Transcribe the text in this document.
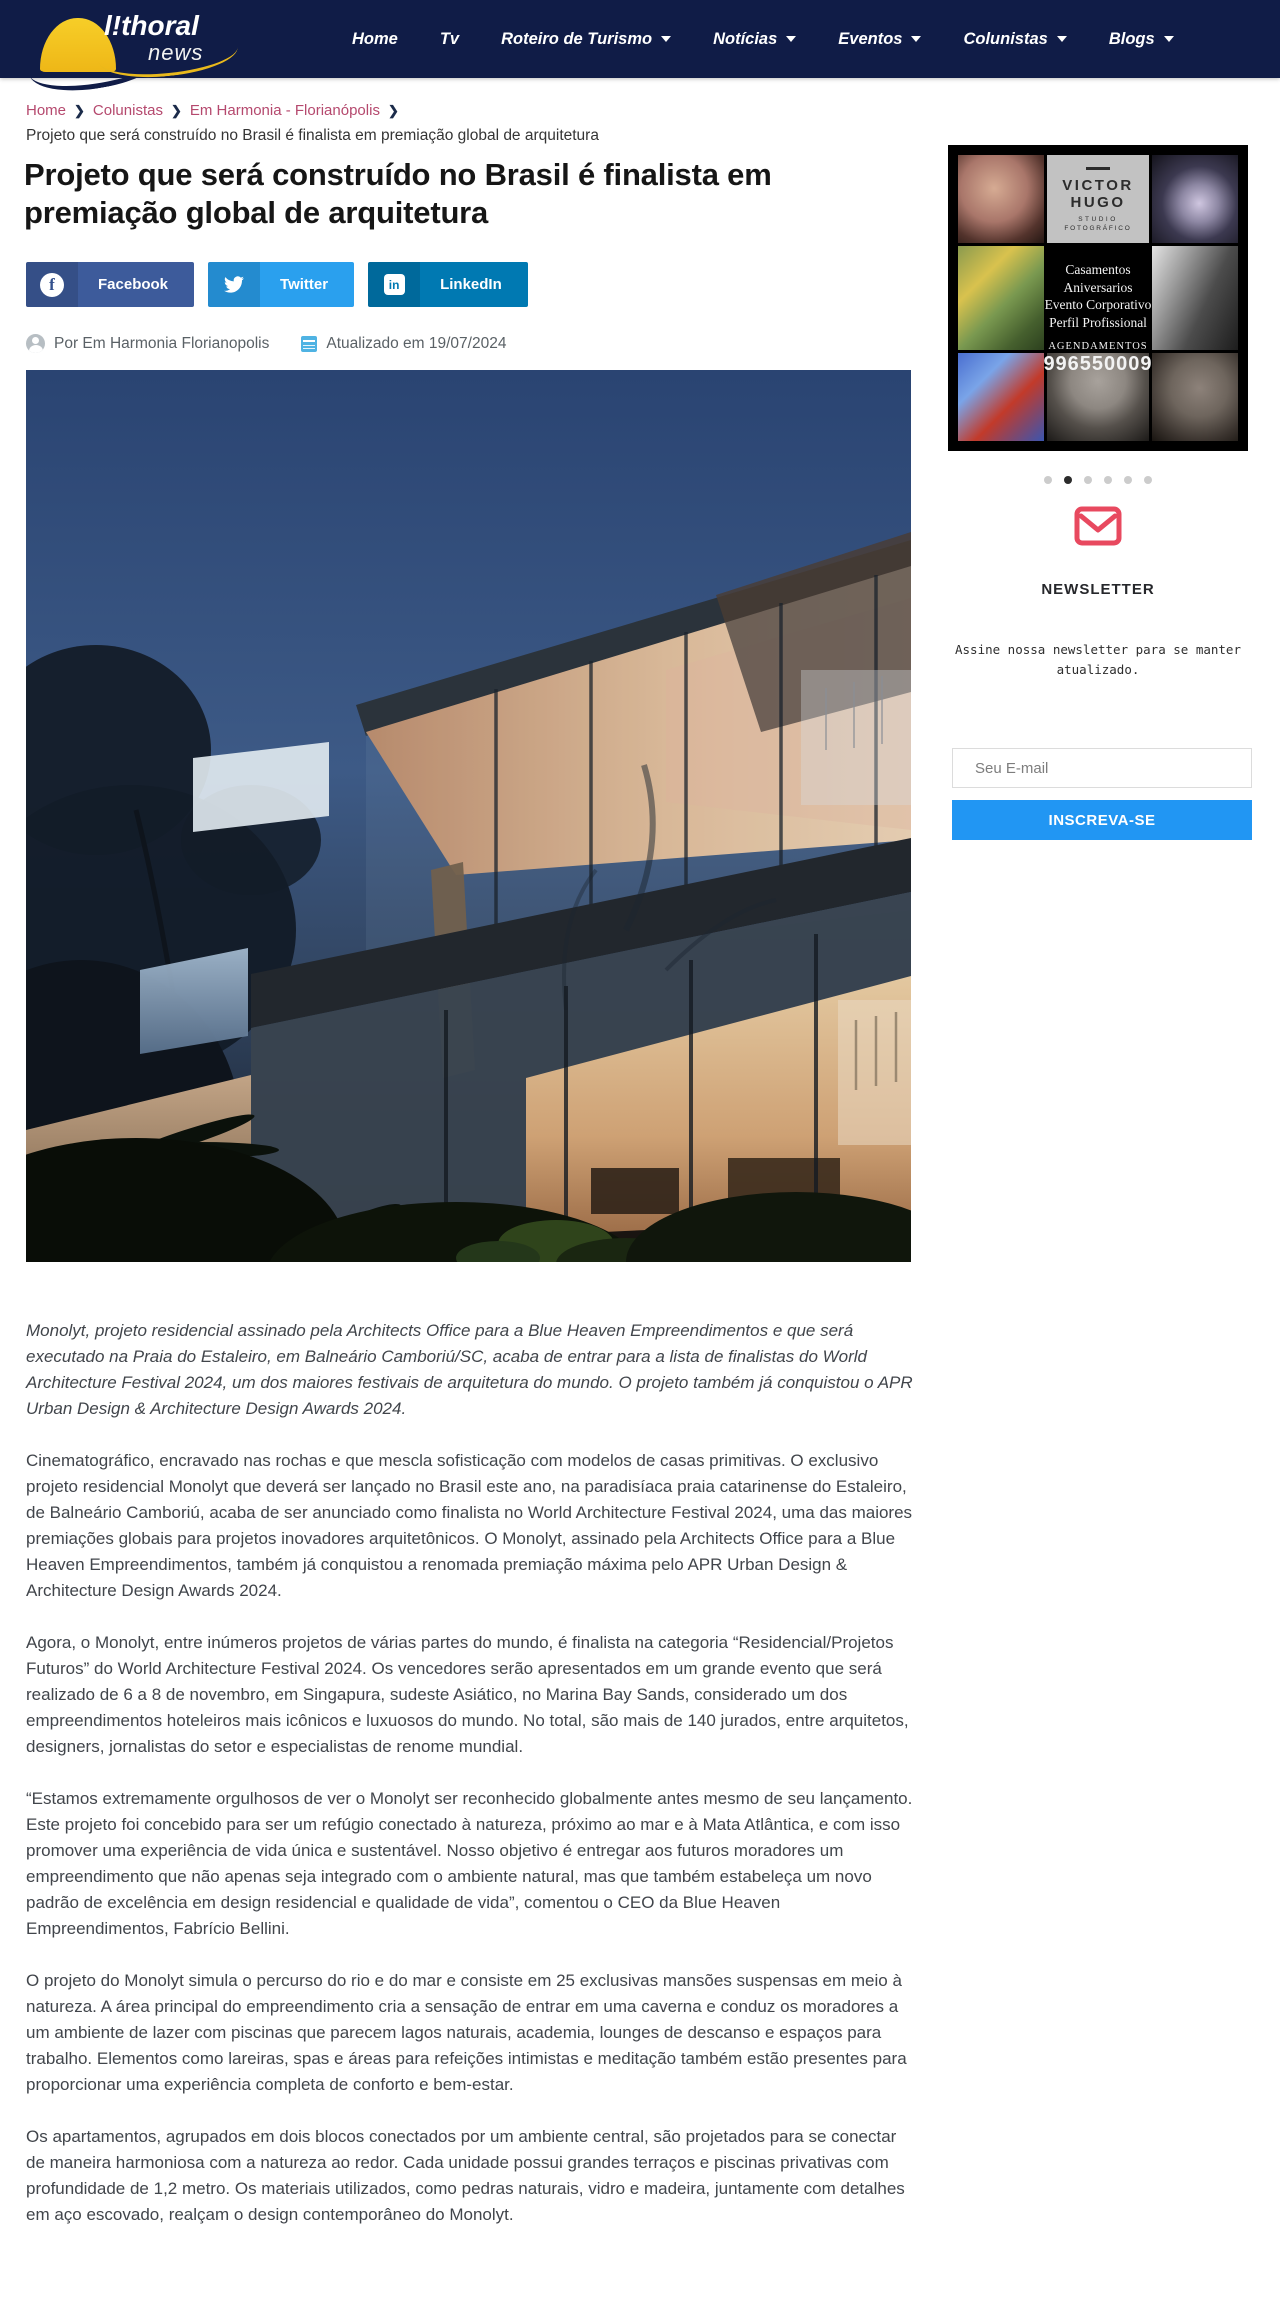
l!thoral
news
Home	Tv	Roteiro de Turismo	Notícias	Eventos	Colunistas	Blogs
Home ❯ Colunistas ❯ Em Harmonia - Florianópolis ❯
Projeto que será construído no Brasil é finalista em premiação global de arquitetura
Projeto que será construído no Brasil é finalista em premiação global de arquitetura
f	Facebook	Twitter	in	LinkedIn
Por Em Harmonia Florianopolis	Atualizado em 19/07/2024

Monolyt, projeto residencial assinado pela Architects Office para a Blue Heaven Empreendimentos e que será executado na Praia do Estaleiro, em Balneário Camboriú/SC, acaba de entrar para a lista de finalistas do World Architecture Festival 2024, um dos maiores festivais de arquitetura do mundo. O projeto também já conquistou o APR Urban Design & Architecture Design Awards 2024.

Cinematográfico, encravado nas rochas e que mescla sofisticação com modelos de casas primitivas. O exclusivo projeto residencial Monolyt que deverá ser lançado no Brasil este ano, na paradisíaca praia catarinense do Estaleiro, de Balneário Camboriú, acaba de ser anunciado como finalista no World Architecture Festival 2024, uma das maiores premiações globais para projetos inovadores arquitetônicos. O Monolyt, assinado pela Architects Office para a Blue Heaven Empreendimentos, também já conquistou a renomada premiação máxima pelo APR Urban Design & Architecture Design Awards 2024.

Agora, o Monolyt, entre inúmeros projetos de várias partes do mundo, é finalista na categoria “Residencial/Projetos Futuros” do World Architecture Festival 2024. Os vencedores serão apresentados em um grande evento que será realizado de 6 a 8 de novembro, em Singapura, sudeste Asiático, no Marina Bay Sands, considerado um dos empreendimentos hoteleiros mais icônicos e luxuosos do mundo. No total, são mais de 140 jurados, entre arquitetos, designers, jornalistas do setor e especialistas de renome mundial.

“Estamos extremamente orgulhosos de ver o Monolyt ser reconhecido globalmente antes mesmo de seu lançamento. Este projeto foi concebido para ser um refúgio conectado à natureza, próximo ao mar e à Mata Atlântica, e com isso promover uma experiência de vida única e sustentável. Nosso objetivo é entregar aos futuros moradores um empreendimento que não apenas seja integrado com o ambiente natural, mas que também estabeleça um novo padrão de excelência em design residencial e qualidade de vida”, comentou o CEO da Blue Heaven Empreendimentos, Fabrício Bellini.

O projeto do Monolyt simula o percurso do rio e do mar e consiste em 25 exclusivas mansões suspensas em meio à natureza. A área principal do empreendimento cria a sensação de entrar em uma caverna e conduz os moradores a um ambiente de lazer com piscinas que parecem lagos naturais, academia, lounges de descanso e espaços para trabalho. Elementos como lareiras, spas e áreas para refeições intimistas e meditação também estão presentes para proporcionar uma experiência completa de conforto e bem-estar.

Os apartamentos, agrupados em dois blocos conectados por um ambiente central, são projetados para se conectar de maneira harmoniosa com a natureza ao redor. Cada unidade possui grandes terraços e piscinas privativas com profundidade de 1,2 metro. Os materiais utilizados, como pedras naturais, vidro e madeira, juntamente com detalhes em aço escovado, realçam o design contemporâneo do Monolyt.

VICTOR
HUGO
STUDIO
FOTOGRÁFICO
Casamentos
Aniversarios
Evento Corporativo
Perfil Profissional
AGENDAMENTOS
996550009
NEWSLETTER
Assine nossa newsletter para se manter atualizado.
Seu E-mail
INSCREVA-SE
